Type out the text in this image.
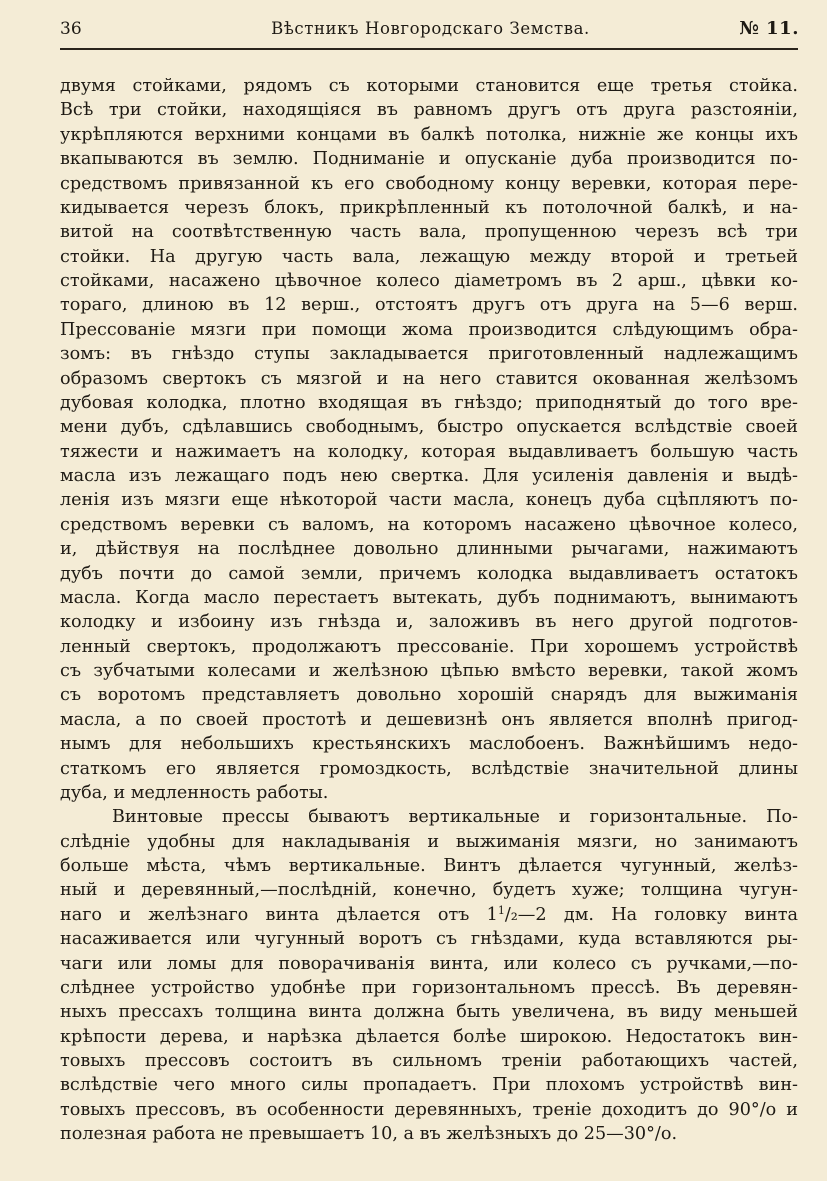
36	Вѣстникъ Новгородскаго Земства.	№ 11.

двумя стойками, рядомъ съ которыми становится еще третья стойка.
Всѣ три стойки, находящіяся въ равномъ другъ отъ друга разстояніи,
укрѣпляются верхними концами въ балкѣ потолка, нижніе же концы ихъ
вкапываются въ землю. Подниманіе и опусканіе дуба производится по-
средствомъ привязанной къ его свободному концу веревки, которая пере-
кидывается черезъ блокъ, прикрѣпленный къ потолочной балкѣ, и на-
витой на соотвѣтственную часть вала, пропущенною черезъ всѣ три
стойки. На другую часть вала, лежащую между второй и третьей
стойками, насажено цѣвочное колесо діаметромъ въ 2 арш., цѣвки ко-
тораго, длиною въ 12 верш., отстоятъ другъ отъ друга на 5—6 верш.
Прессованіе мязги при помощи жома производится слѣдующимъ обра-
зомъ: въ гнѣздо ступы закладывается приготовленный надлежащимъ
образомъ свертокъ съ мязгой и на него ставится окованная желѣзомъ
дубовая колодка, плотно входящая въ гнѣздо; приподнятый до того вре-
мени дубъ, сдѣлавшись свободнымъ, быстро опускается вслѣдствіе своей
тяжести и нажимаетъ на колодку, которая выдавливаетъ большую часть
масла изъ лежащаго подъ нею свертка. Для усиленія давленія и выдѣ-
ленія изъ мязги еще нѣкоторой части масла, конецъ дуба сцѣпляютъ по-
средствомъ веревки съ валомъ, на которомъ насажено цѣвочное колесо,
и, дѣйствуя на послѣднее довольно длинными рычагами, нажимаютъ
дубъ почти до самой земли, причемъ колодка выдавливаетъ остатокъ
масла. Когда масло перестаетъ вытекать, дубъ поднимаютъ, вынимаютъ
колодку и избоину изъ гнѣзда и, заложивъ въ него другой подготов-
ленный свертокъ, продолжаютъ прессованіе. При хорошемъ устройствѣ
съ зубчатыми колесами и желѣзною цѣпью вмѣсто веревки, такой жомъ
съ воротомъ представляетъ довольно хорошій снарядъ для выжиманія
масла, а по своей простотѣ и дешевизнѣ онъ является вполнѣ пригод-
нымъ для небольшихъ крестьянскихъ маслобоенъ. Важнѣйшимъ недо-
статкомъ его является громоздкость, вслѣдствіе значительной длины
дуба, и медленность работы.

Винтовые прессы бываютъ вертикальные и горизонтальные. По-
слѣдніе удобны для накладыванія и выжиманія мязги, но занимаютъ
больше мѣста, чѣмъ вертикальные. Винтъ дѣлается чугунный, желѣз-
ный и деревянный,—послѣдній, конечно, будетъ хуже; толщина чугун-
наго и желѣзнаго винта дѣлается отъ $1^1/_2—2$ дм. На головку винта
насаживается или чугунный воротъ съ гнѣздами, куда вставляются ры-
чаги или ломы для поворачиванія винта, или колесо съ ручками,—по-
слѣднее устройство удобнѣе при горизонтальномъ прессѣ. Въ деревян-
ныхъ прессахъ толщина винта должна быть увеличена, въ виду меньшей
крѣпости дерева, и нарѣзка дѣлается болѣе широкою. Недостатокъ вин-
товыхъ прессовъ состоитъ въ сильномъ треніи работающихъ частей,
вслѣдствіе чего много силы пропадаетъ. При плохомъ устройствѣ вин-
товыхъ прессовъ, въ особенности деревянныхъ, треніе доходитъ до 90°/о и
полезная работа не превышаетъ 10, а въ желѣзныхъ до 25—30°/о.
